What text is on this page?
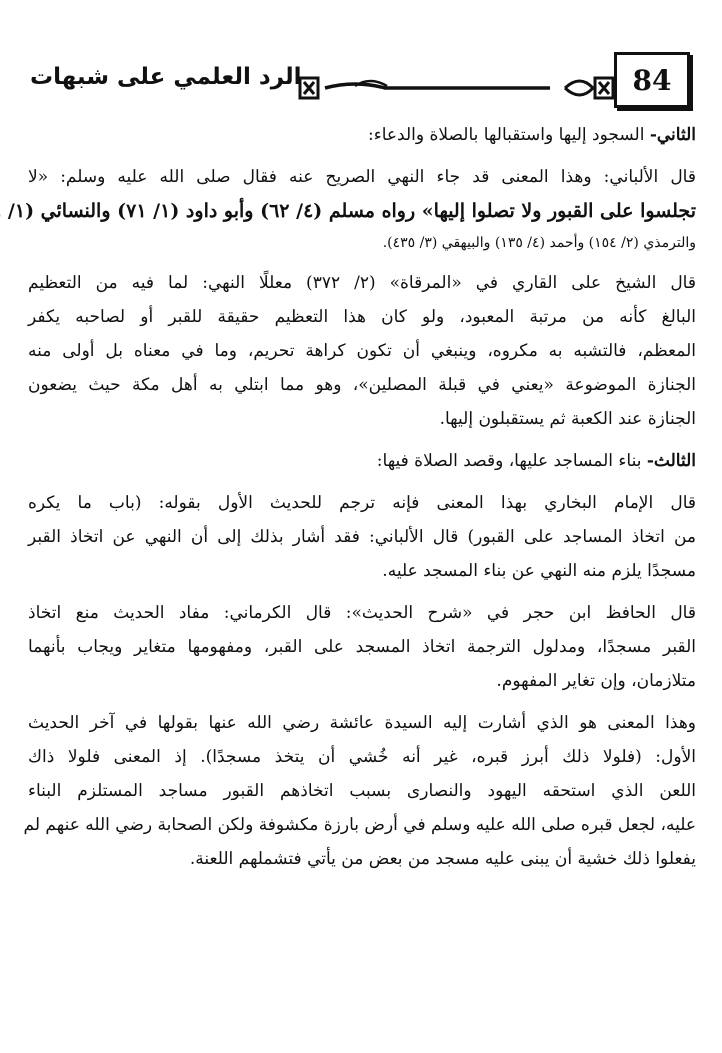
84
الرد العلمي على شبهات
الثاني- السجود إليها واستقبالها بالصلاة والدعاء:
قال الألباني: وهذا المعنى قد جاء النهي الصريح عنه فقال صلى الله عليه وسلم: «لا
تجلسوا على القبور ولا تصلوا إليها» رواه مسلم (٤/ ٦٢) وأبو داود (١/ ٧١) والنسائي (١/
والترمذي (٢/ ١٥٤) وأحمد (٤/ ١٣٥) والبيهقي (٣/ ٤٣٥).
قال الشيخ على القاري في «المرقاة» (٢/ ٣٧٢) معللًا النهي: لما فيه من التعظيم
البالغ كأنه من مرتبة المعبود، ولو كان هذا التعظيم حقيقة للقبر أو لصاحبه يكفر
المعظم، فالتشبه به مكروه، وينبغي أن تكون كراهة تحريم، وما في معناه بل أولى منه
الجنازة الموضوعة «يعني في قبلة المصلين»، وهو مما ابتلي به أهل مكة حيث يضعون
الجنازة عند الكعبة ثم يستقبلون إليها.
الثالث- بناء المساجد عليها، وقصد الصلاة فيها:
قال الإمام البخاري بهذا المعنى فإنه ترجم للحديث الأول بقوله: (باب ما يكره
من اتخاذ المساجد على القبور) قال الألباني: فقد أشار بذلك إلى أن النهي عن اتخاذ القبر
مسجدًا يلزم منه النهي عن بناء المسجد عليه.
قال الحافظ ابن حجر في «شرح الحديث»: قال الكرماني: مفاد الحديث منع اتخاذ
القبر مسجدًا، ومدلول الترجمة اتخاذ المسجد على القبر، ومفهومها متغاير ويجاب بأنهما
متلازمان، وإن تغاير المفهوم.
وهذا المعنى هو الذي أشارت إليه السيدة عائشة رضي الله عنها بقولها في آخر الحديث
الأول: (فلولا ذلك أبرز قبره، غير أنه خُشي أن يتخذ مسجدًا). إذ المعنى فلولا ذاك
اللعن الذي استحقه اليهود والنصارى بسبب اتخاذهم القبور مساجد المستلزم البناء
عليه، لجعل قبره صلى الله عليه وسلم في أرض بارزة مكشوفة ولكن الصحابة رضي الله عنهم لم
يفعلوا ذلك خشية أن يبنى عليه مسجد من بعض من يأتي فتشملهم اللعنة.
